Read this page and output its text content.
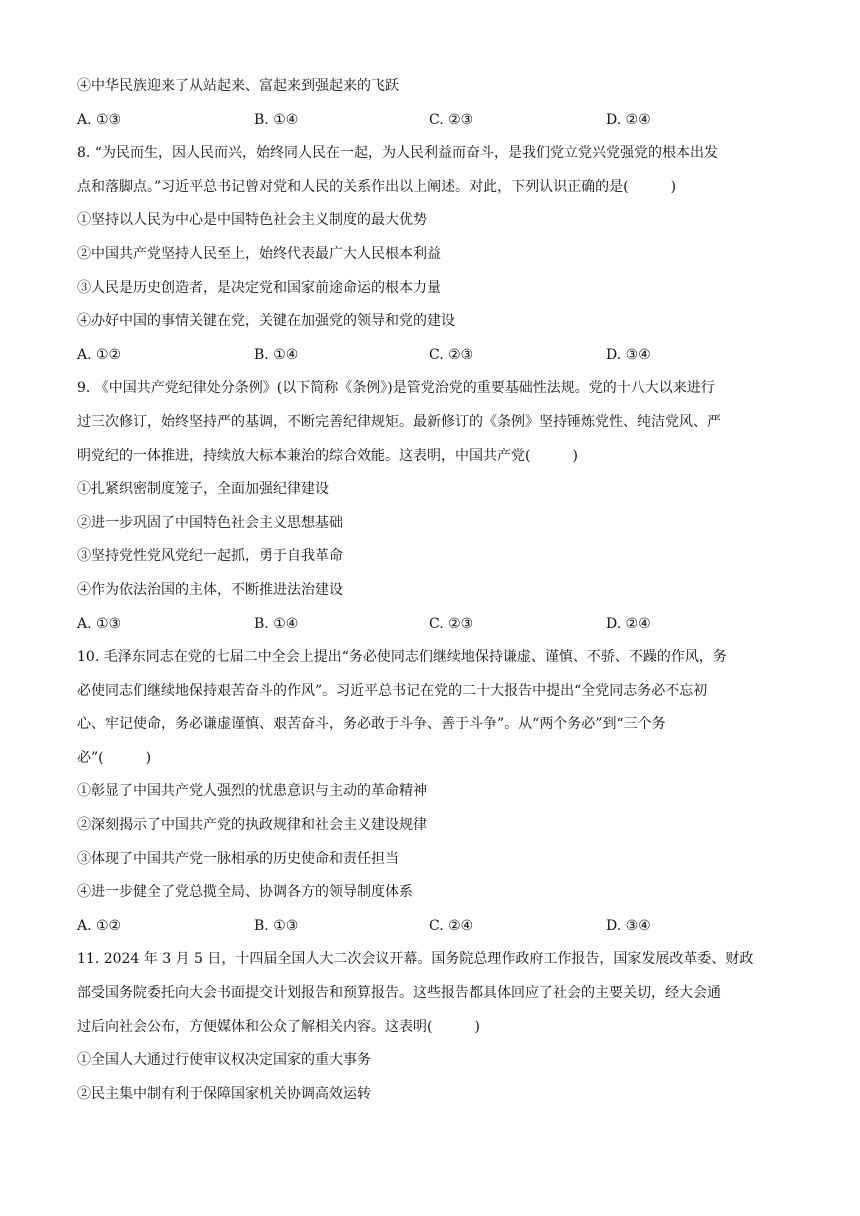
④中华民族迎来了从站起来、富起来到强起来的飞跃
A. ①③	B. ①④	C. ②③	D. ②④
8. “为民而生，因人民而兴，始终同人民在一起，为人民利益而奋斗，是我们党立党兴党强党的根本出发
点和落脚点。”习近平总书记曾对党和人民的关系作出以上阐述。对此，下列认识正确的是(　　　)
①坚持以人民为中心是中国特色社会主义制度的最大优势
②中国共产党坚持人民至上，始终代表最广大人民根本利益
③人民是历史创造者，是决定党和国家前途命运的根本力量
④办好中国的事情关键在党，关键在加强党的领导和党的建设
A. ①②	B. ①④	C. ②③	D. ③④
9. 《中国共产党纪律处分条例》(以下简称《条例》)是管党治党的重要基础性法规。党的十八大以来进行
过三次修订，始终坚持严的基调，不断完善纪律规矩。最新修订的《条例》坚持锤炼党性、纯洁党风、严
明党纪的一体推进，持续放大标本兼治的综合效能。这表明，中国共产党(　　　)
①扎紧织密制度笼子，全面加强纪律建设
②进一步巩固了中国特色社会主义思想基础
③坚持党性党风党纪一起抓，勇于自我革命
④作为依法治国的主体，不断推进法治建设
A. ①③	B. ①④	C. ②③	D. ②④
10. 毛泽东同志在党的七届二中全会上提出“务必使同志们继续地保持谦虚、谨慎、不骄、不躁的作风，务
必使同志们继续地保持艰苦奋斗的作风”。习近平总书记在党的二十大报告中提出“全党同志务必不忘初
心、牢记使命，务必谦虚谨慎、艰苦奋斗，务必敢于斗争、善于斗争”。从“两个务必”到“三个务
必”(　　　)
①彰显了中国共产党人强烈的忧患意识与主动的革命精神
②深刻揭示了中国共产党的执政规律和社会主义建设规律
③体现了中国共产党一脉相承的历史使命和责任担当
④进一步健全了党总揽全局、协调各方的领导制度体系
A. ①②	B. ①③	C. ②④	D. ③④
11. 2024 年 3 月 5 日，十四届全国人大二次会议开幕。国务院总理作政府工作报告，国家发展改革委、财政
部受国务院委托向大会书面提交计划报告和预算报告。这些报告都具体回应了社会的主要关切，经大会通
过后向社会公布，方便媒体和公众了解相关内容。这表明(　　　)
①全国人大通过行使审议权决定国家的重大事务
②民主集中制有利于保障国家机关协调高效运转
